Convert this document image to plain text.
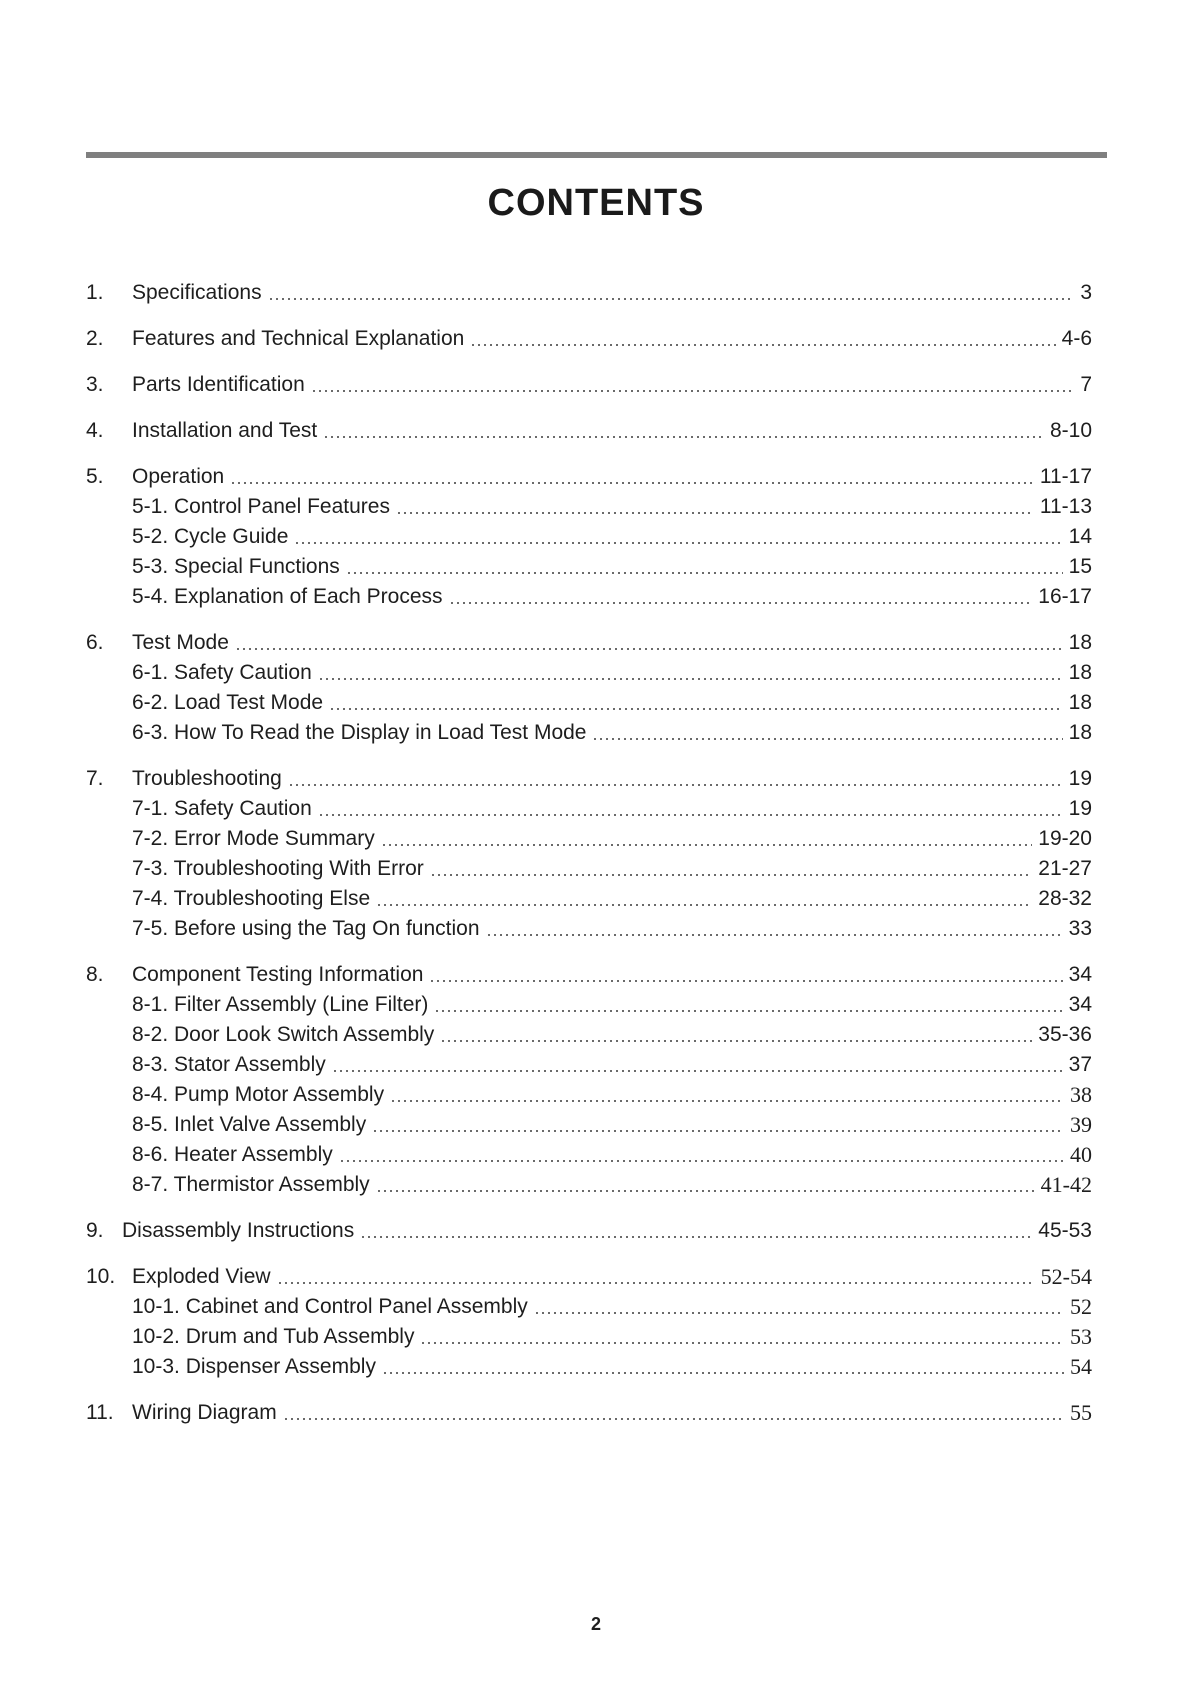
CONTENTS
1.	Specifications	3
2.	Features and Technical Explanation	4-6
3.	Parts Identification	7
4.	Installation and Test	8-10
5.	Operation	11-17
5-1. Control Panel Features	11-13
5-2. Cycle Guide	14
5-3. Special Functions	15
5-4. Explanation of Each Process	16-17
6.	Test Mode	18
6-1. Safety Caution	18
6-2. Load Test Mode	18
6-3. How To Read the Display in Load Test Mode	18
7.	Troubleshooting	19
7-1. Safety Caution	19
7-2. Error Mode Summary	19-20
7-3. Troubleshooting With Error	21-27
7-4. Troubleshooting Else	28-32
7-5. Before using the Tag On function	33
8.	Component Testing Information	34
8-1. Filter Assembly (Line Filter)	34
8-2. Door Look Switch Assembly	35-36
8-3. Stator Assembly	37
8-4. Pump Motor Assembly	38
8-5. Inlet Valve Assembly	39
8-6. Heater Assembly	40
8-7. Thermistor Assembly	41-42
9. Disassembly Instructions	45-53
10. Exploded View	52-54
10-1. Cabinet and Control Panel Assembly	52
10-2. Drum and Tub Assembly	53
10-3. Dispenser Assembly	54
11. Wiring Diagram	55
2
